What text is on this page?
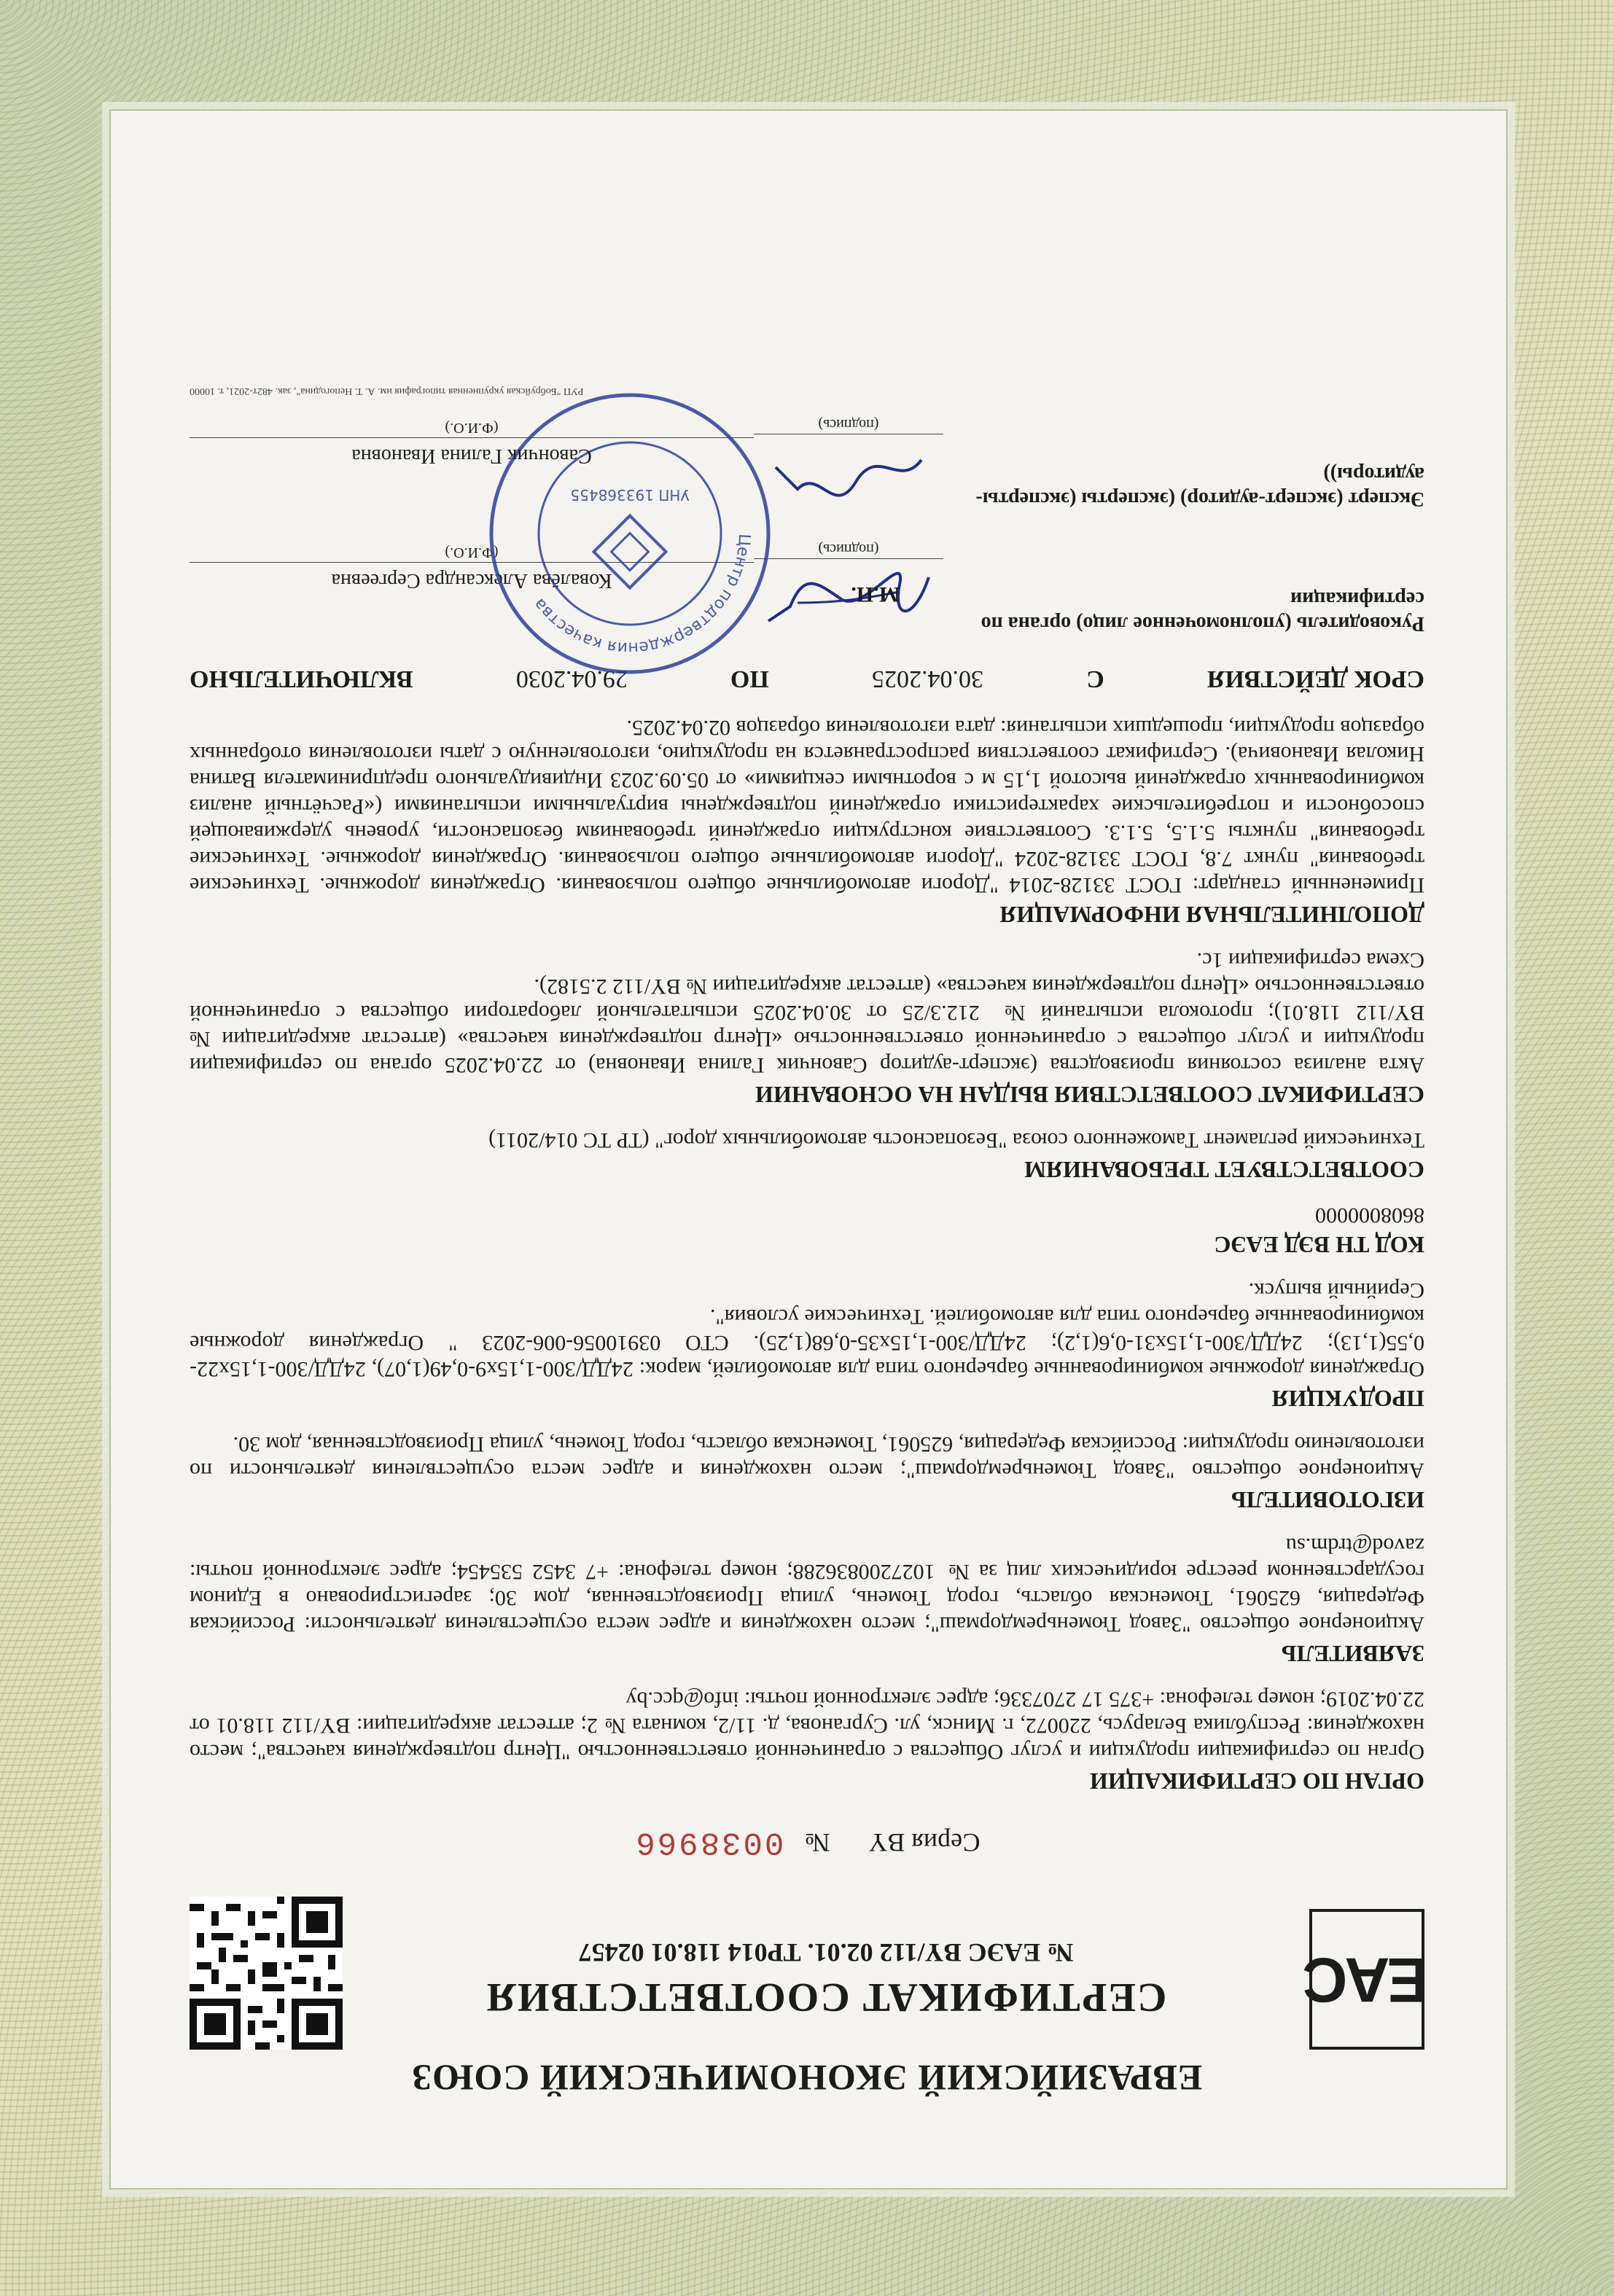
ЕВРАЗИЙСКИЙ ЭКОНОМИЧЕСКИЙ СОЮЗ
EAC
СЕРТИФИКАТ СООТВЕТСТВИЯ
№ ЕАЭС BY/112 02.01. ТР014 118.01 02457
Серия BY      № 0038966
ОРГАН ПО СЕРТИФИКАЦИИ

Орган по сертификации продукции и услуг Общества с ограниченной ответственностью "Центр подтверждения качества"; место нахождения: Республика Беларусь, 220072, г. Минск, ул. Сурганова, д. 11/2, комната № 2; аттестат аккредитации: BY/112 118.01 от 22.04.2019; номер телефона: +375 17 2707336; адрес электронной почты: info@qcc.by

ЗАЯВИТЕЛЬ

Акционерное общество "Завод Тюменьремдормаш"; место нахождения и адрес места осуществления деятельности: Российская Федерация, 625061, Тюменская область, город Тюмень, улица Производственная, дом 30; зарегистрировано в Едином государственном реестре юридических лиц за № 1027200836288; номер телефона: +7 3452 535454; адрес электронной почты: zavod@trdm.su

ИЗГОТОВИТЕЛЬ

Акционерное общество "Завод Тюменьремдормаш"; место нахождения и адрес места осуществления деятельности по изготовлению продукции: Российская Федерация, 625061, Тюменская область, город Тюмень, улица Производственная, дом 30.

ПРОДУКЦИЯ

Ограждения дорожные комбинированные барьерного типа для автомобилей, марок: 24ДД/300-1,15х9-0,49(1,07), 24ДД/300-1,15х22-0,55(1,13); 24ДД/300-1,15х31-0,6(1,2); 24ДД/300-1,15х35-0,68(1,25). СТО 03910056-006-2023 " Ограждения дорожные комбинированные барьерного типа для автомобилей. Технические условия".

Серийный выпуск.

КОД ТН ВЭД ЕАЭС

8608000000

СООТВЕТСТВУЕТ ТРЕБОВАНИЯМ

Технический регламент Таможенного союза "Безопасность автомобильных дорог" (ТР ТС 014/2011)

СЕРТИФИКАТ СООТВЕТСТВИЯ ВЫДАН НА ОСНОВАНИИ

Акта анализа состояния производства (эксперт-аудитор Савончик Галина Ивановна) от 22.04.2025 органа по сертификации продукции и услуг общества с ограниченной ответственностью «Центр подтверждения качества» (аттестат аккредитации № BY/112 118.01); протокола испытаний № 212.3/25 от 30.04.2025 испытательной лаборатории общества с ограниченной ответственностью «Центр подтверждения качества» (аттестат аккредитации № BY/112 2.5182).

Схема сертификации 1с.

ДОПОЛНИТЕЛЬНАЯ ИНФОРМАЦИЯ

Примененный стандарт: ГОСТ 33128-2014 "Дороги автомобильные общего пользования. Ограждения дорожные. Технические требования" пункт 7.8, ГОСТ 33128-2024 "Дороги автомобильные общего пользования. Ограждения дорожные. Технические требования" пункты 5.1.5, 5.1.3. Соответствие конструкции ограждений требованиям безопасности, уровень удерживающей способности и потребительские характеристики ограждений подтверждены виртуальными испытаниями («Расчётный анализ комбинированных ограждений высотой 1,15 м с воротными секциями» от 05.09.2023 Индивидуального предпринимателя Ватина Николая Ивановича). Сертификат соответствия распространяется на продукцию, изготовленную с даты изготовления отобранных образцов продукции, прошедших испытания: дата изготовления образцов 02.04.2025.

СРОК ДЕЙСТВИЯ
С
30.04.2025
ПО
29.04.2030
ВКЛЮЧИТЕЛЬНО
Руководитель (уполномоченное лицо) органа по сертификации
(подпись)
Ковалёва Александра Сергеевна
(Ф.И.О.)
М.П.
Центр подтверждения качества
УНП 193368455	Эксперт (эксперт-аудитор) (эксперты (эксперты-аудиторы))
(подпись)
Савончик Галина Ивановна
(Ф.И.О.)
РУП "Бобруйская укрупненная типография им. А. Т. Непогодина", зак. 482т-2021, т. 10000
